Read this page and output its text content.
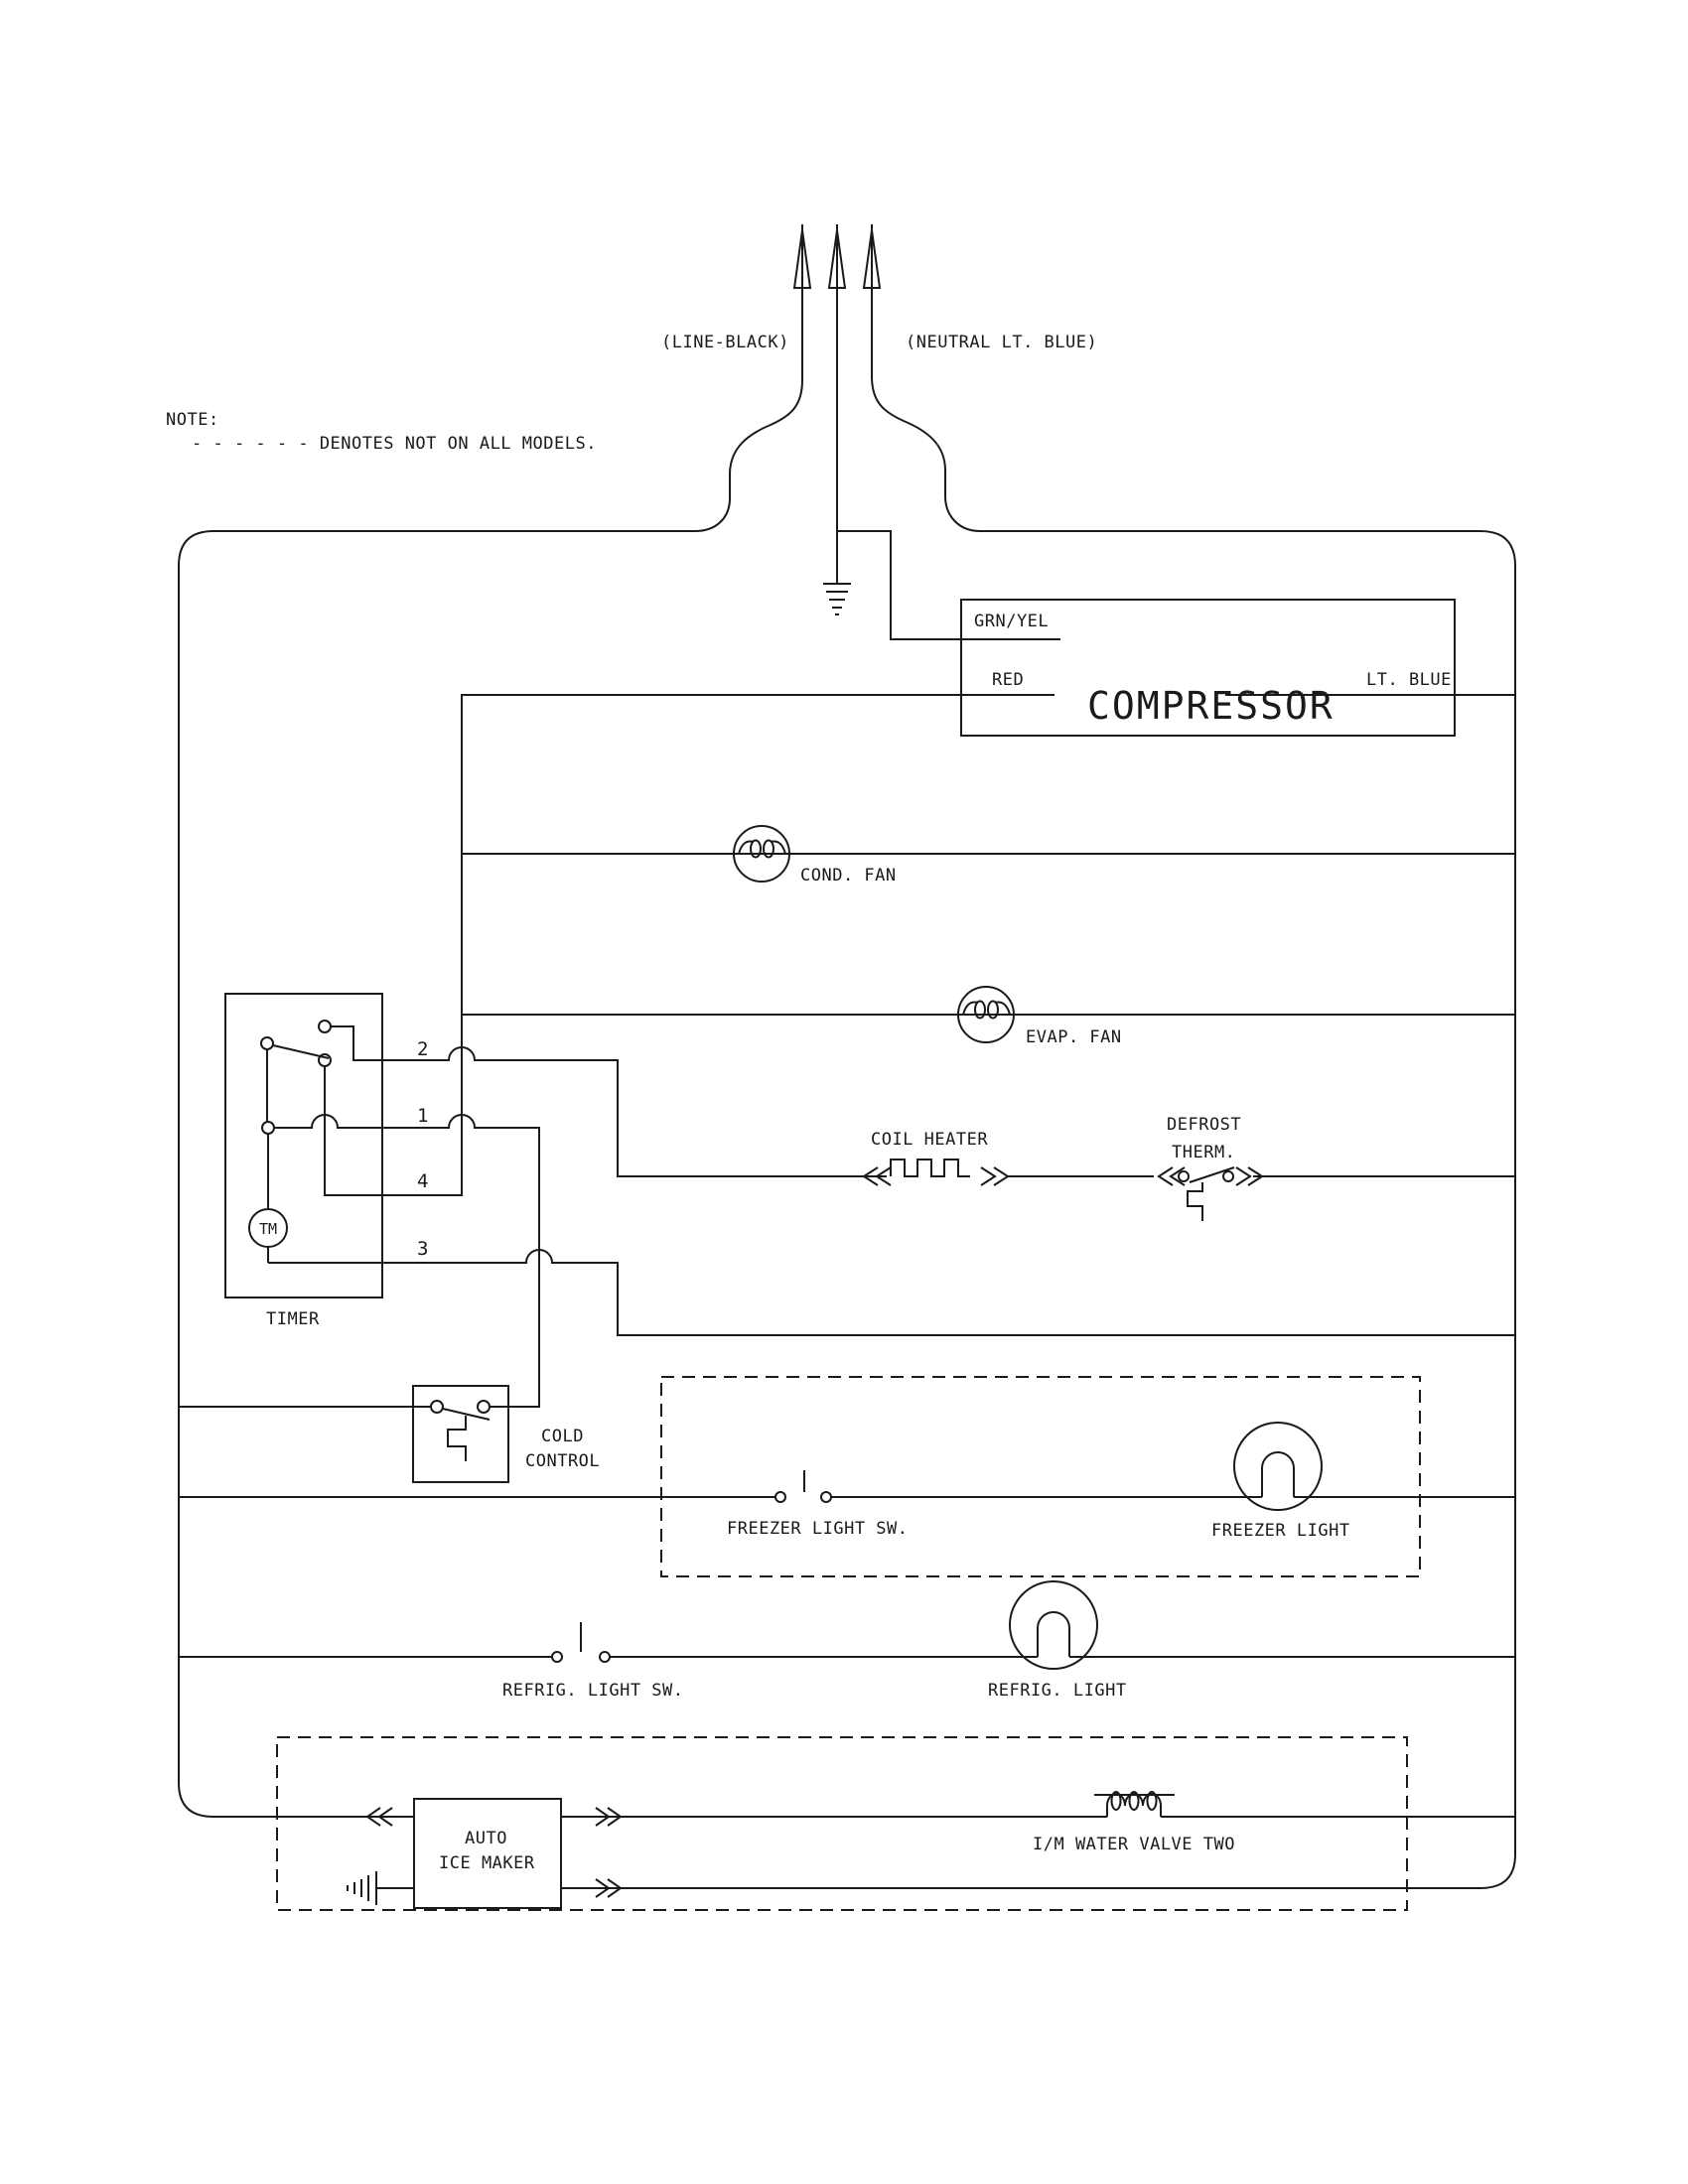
(LINE-BLACK)	(NEUTRAL LT. BLUE)
NOTE:
- - - - - - DENOTES NOT ON ALL MODELS.
GRN/YEL
RED
COMPRESSOR
LT. BLUE
COND. FAN
EVAP. FAN
TM
TIMER
2
1
4
3
COIL HEATER
DEFROST
THERM.
COLD
CONTROL
FREEZER LIGHT SW.	FREEZER LIGHT
REFRIG. LIGHT SW.	REFRIG. LIGHT
AUTO
ICE MAKER
I/M WATER VALVE TWO
